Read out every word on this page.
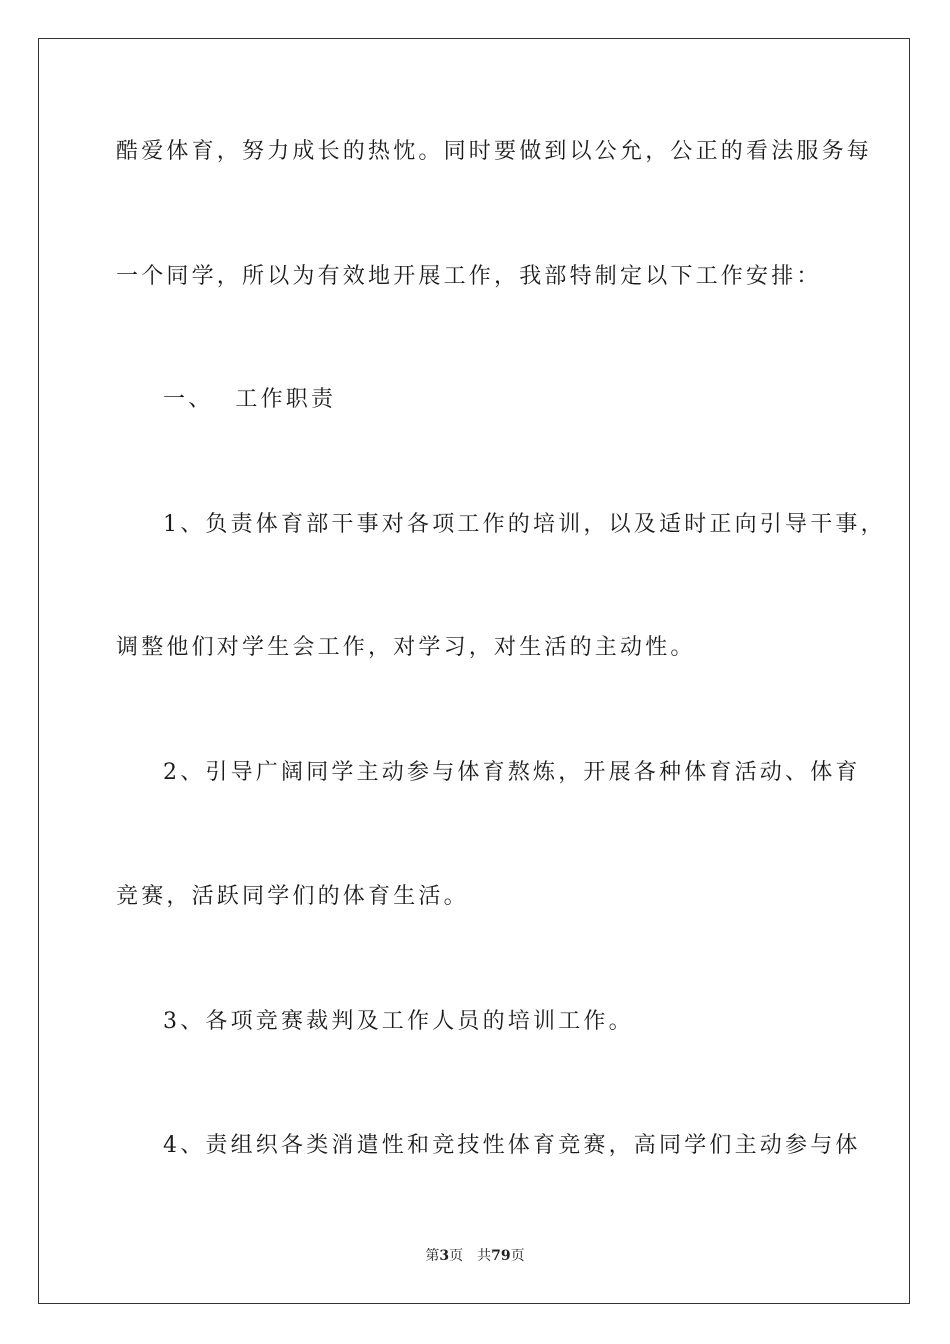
酷爱体育，努力成长的热忱。同时要做到以公允，公正的看法服务每
一个同学，所以为有效地开展工作，我部特制定以下工作安排：
一、 工作职责
1、负责体育部干事对各项工作的培训，以及适时正向引导干事，
调整他们对学生会工作，对学习，对生活的主动性。
2、引导广阔同学主动参与体育熬炼，开展各种体育活动、体育
竞赛，活跃同学们的体育生活。
3、各项竞赛裁判及工作人员的培训工作。
4、责组织各类消遣性和竞技性体育竞赛，高同学们主动参与体
第3页 共79页
